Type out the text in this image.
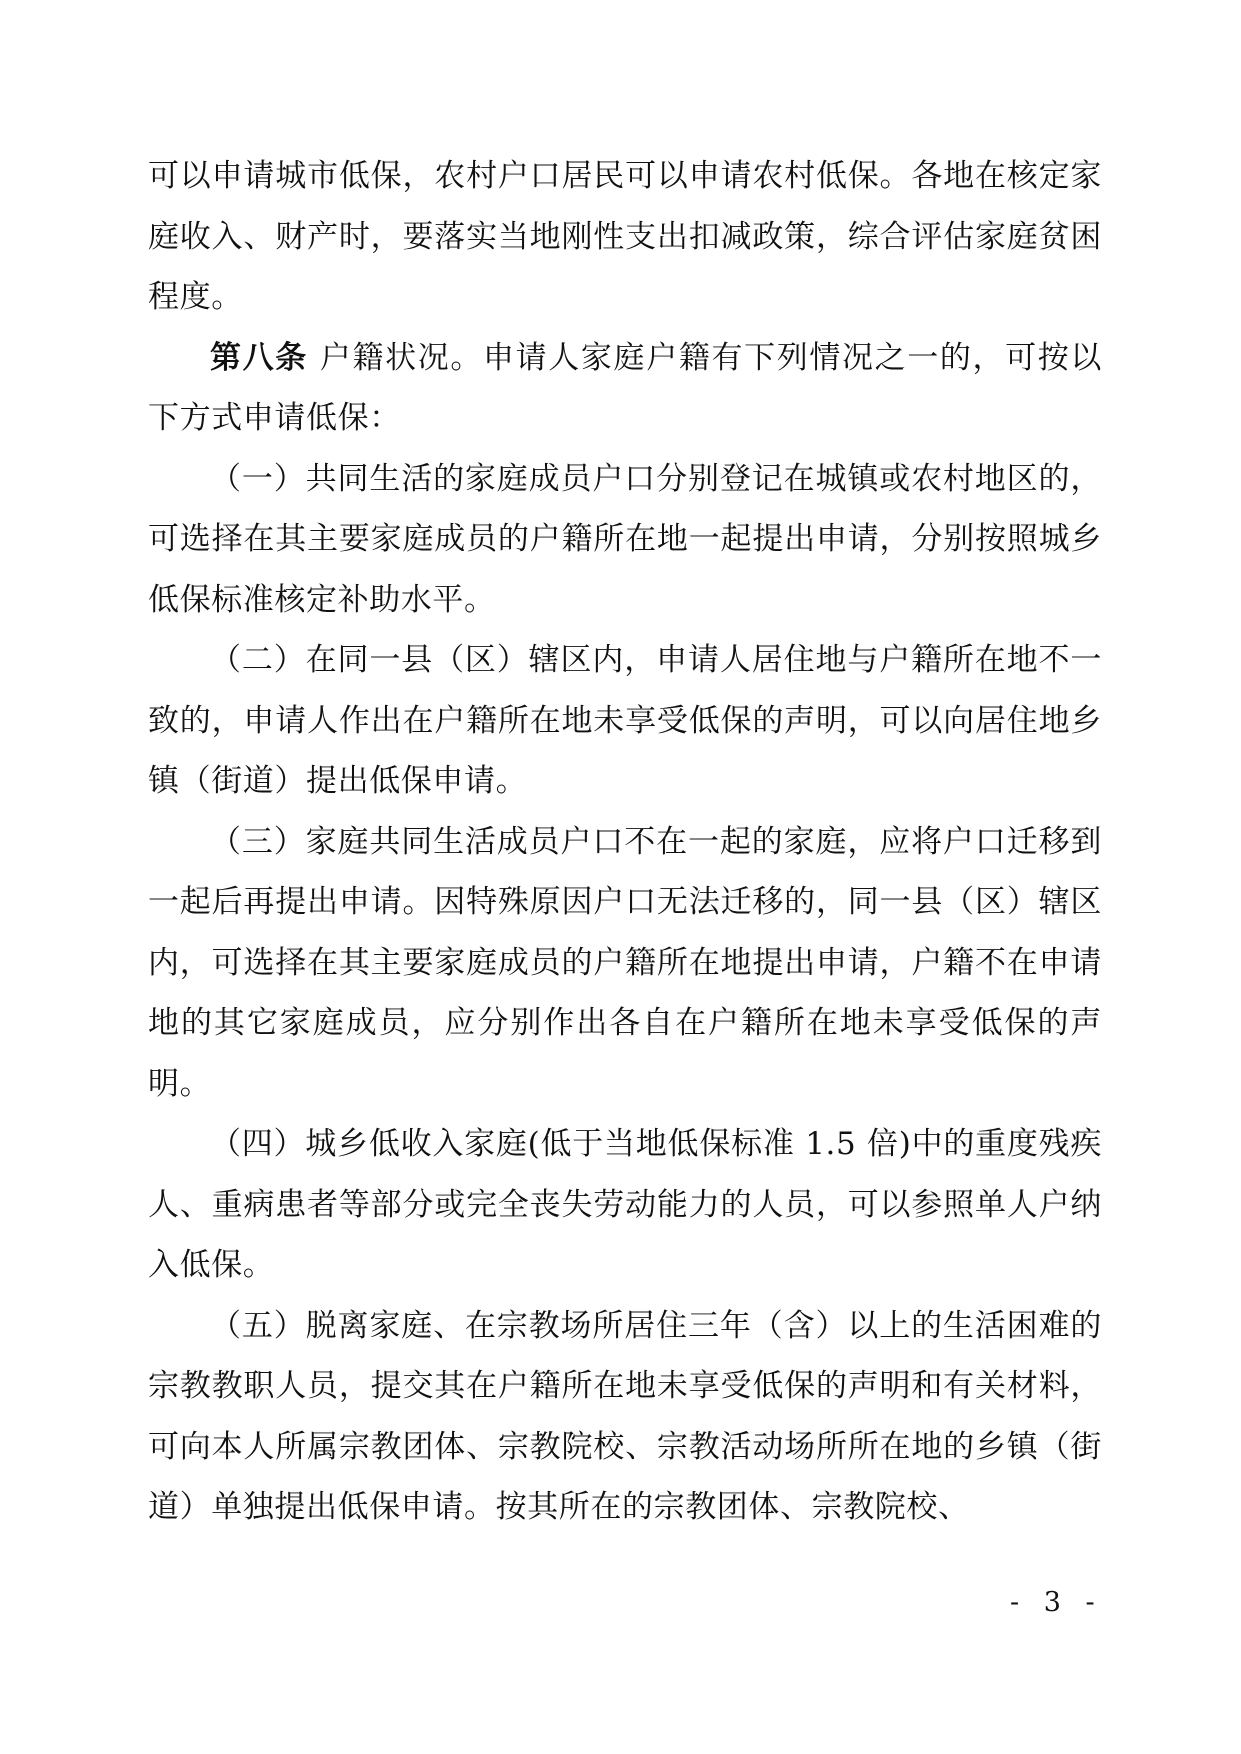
可以申请城市低保，农村户口居民可以申请农村低保。各地在核定家庭收入、财产时，要落实当地刚性支出扣减政策，综合评估家庭贫困程度。

第八条 户籍状况。申请人家庭户籍有下列情况之一的，可按以下方式申请低保：

（一）共同生活的家庭成员户口分别登记在城镇或农村地区的，可选择在其主要家庭成员的户籍所在地一起提出申请，分别按照城乡低保标准核定补助水平。

（二）在同一县（区）辖区内，申请人居住地与户籍所在地不一致的，申请人作出在户籍所在地未享受低保的声明，可以向居住地乡镇（街道）提出低保申请。

（三）家庭共同生活成员户口不在一起的家庭，应将户口迁移到一起后再提出申请。因特殊原因户口无法迁移的，同一县（区）辖区内，可选择在其主要家庭成员的户籍所在地提出申请，户籍不在申请地的其它家庭成员，应分别作出各自在户籍所在地未享受低保的声明。

（四）城乡低收入家庭(低于当地低保标准 1.5 倍)中的重度残疾人、重病患者等部分或完全丧失劳动能力的人员，可以参照单人户纳入低保。

（五）脱离家庭、在宗教场所居住三年（含）以上的生活困难的宗教教职人员，提交其在户籍所在地未享受低保的声明和有关材料，可向本人所属宗教团体、宗教院校、宗教活动场所所在地的乡镇（街道）单独提出低保申请。按其所在的宗教团体、宗教院校、

- 3 -
